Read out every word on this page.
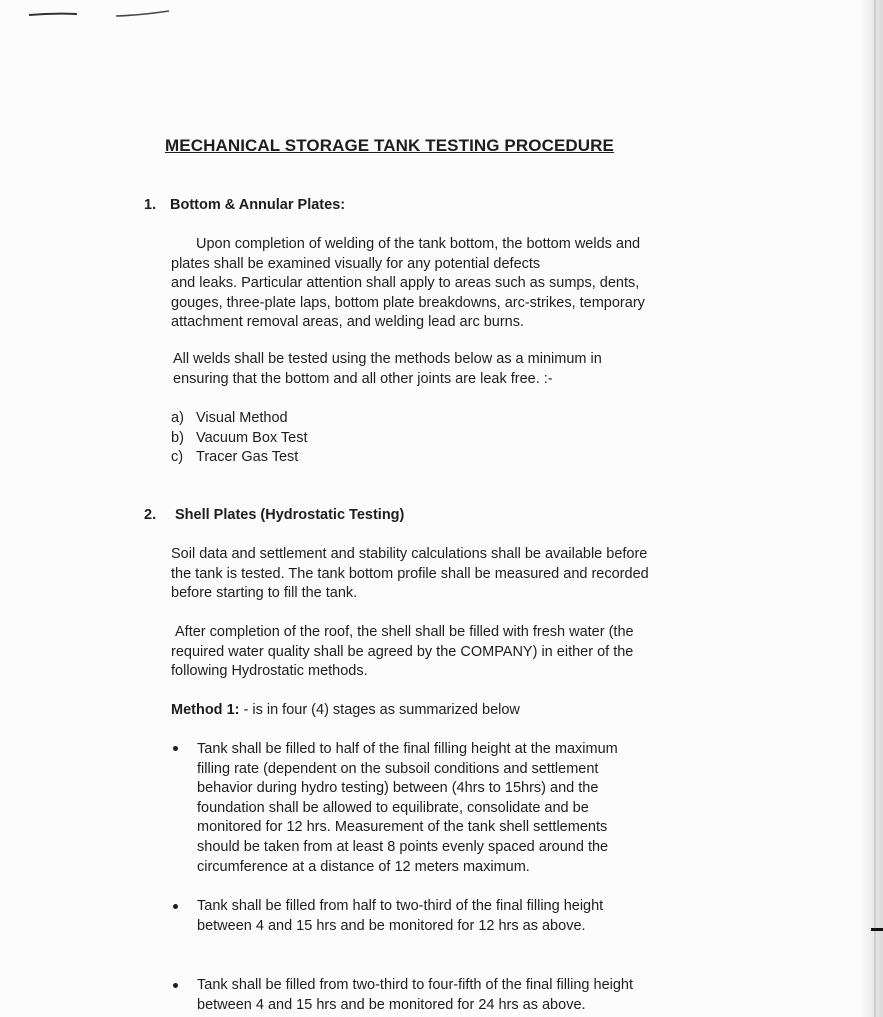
MECHANICAL STORAGE TANK TESTING PROCEDURE
1. Bottom & Annular Plates:
Upon completion of welding of the tank bottom, the bottom welds and
plates shall be examined visually for any potential defects
and leaks. Particular attention shall apply to areas such as sumps, dents,
gouges, three-plate laps, bottom plate breakdowns, arc-strikes, temporary
attachment removal areas, and welding lead arc burns.
All welds shall be tested using the methods below as a minimum in
ensuring that the bottom and all other joints are leak free. :-
a) Visual Method
b) Vacuum Box Test
c) Tracer Gas Test
2. Shell Plates (Hydrostatic Testing)
Soil data and settlement and stability calculations shall be available before
the tank is tested. The tank bottom profile shall be measured and recorded
before starting to fill the tank.
After completion of the roof, the shell shall be filled with fresh water (the
required water quality shall be agreed by the COMPANY) in either of the
following Hydrostatic methods.
Method 1: - is in four (4) stages as summarized below
Tank shall be filled to half of the final filling height at the maximum
filling rate (dependent on the subsoil conditions and settlement
behavior during hydro testing) between (4hrs to 15hrs) and the
foundation shall be allowed to equilibrate, consolidate and be
monitored for 12 hrs. Measurement of the tank shell settlements
should be taken from at least 8 points evenly spaced around the
circumference at a distance of 12 meters maximum.
Tank shall be filled from half to two-third of the final filling height
between 4 and 15 hrs and be monitored for 12 hrs as above.
Tank shall be filled from two-third to four-fifth of the final filling height
between 4 and 15 hrs and be monitored for 24 hrs as above.
